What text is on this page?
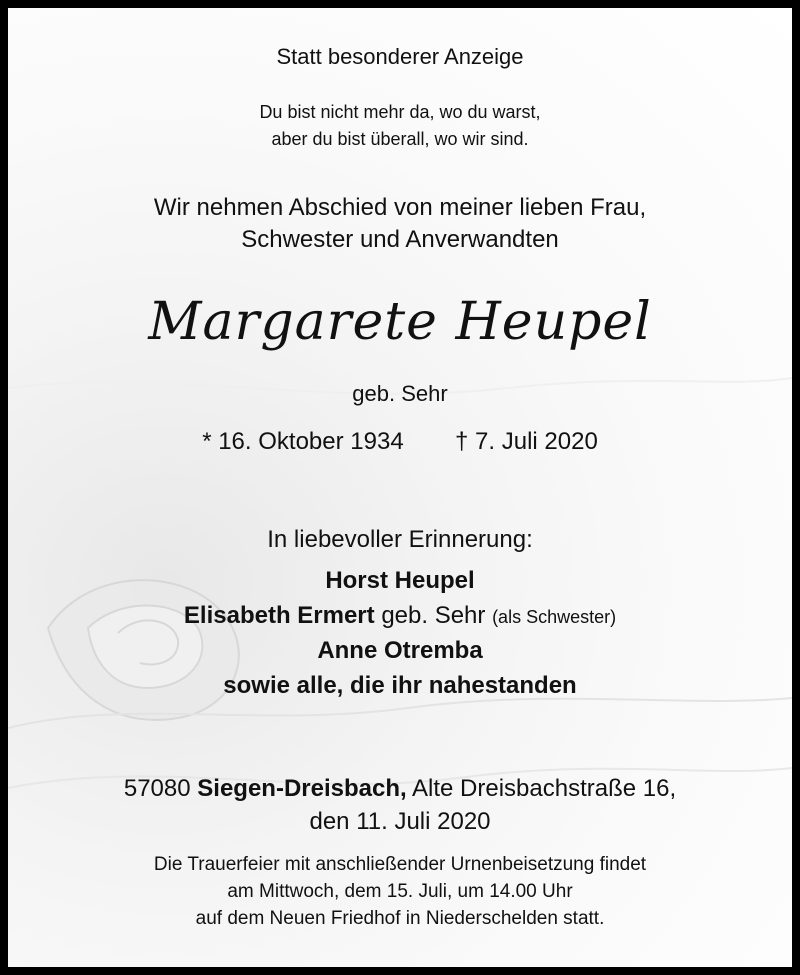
Statt besonderer Anzeige
Du bist nicht mehr da, wo du warst,
aber du bist überall, wo wir sind.
Wir nehmen Abschied von meiner lieben Frau,
Schwester und Anverwandten
Margarete Heupel
geb. Sehr
* 16. Oktober 1934 † 7. Juli 2020
In liebevoller Erinnerung:
Horst Heupel
Elisabeth Ermert geb. Sehr (als Schwester)
Anne Otremba
sowie alle, die ihr nahestanden
57080 Siegen-Dreisbach, Alte Dreisbachstraße 16,
den 11. Juli 2020
Die Trauerfeier mit anschließender Urnenbeisetzung findet
am Mittwoch, dem 15. Juli, um 14.00 Uhr
auf dem Neuen Friedhof in Niederschelden statt.
